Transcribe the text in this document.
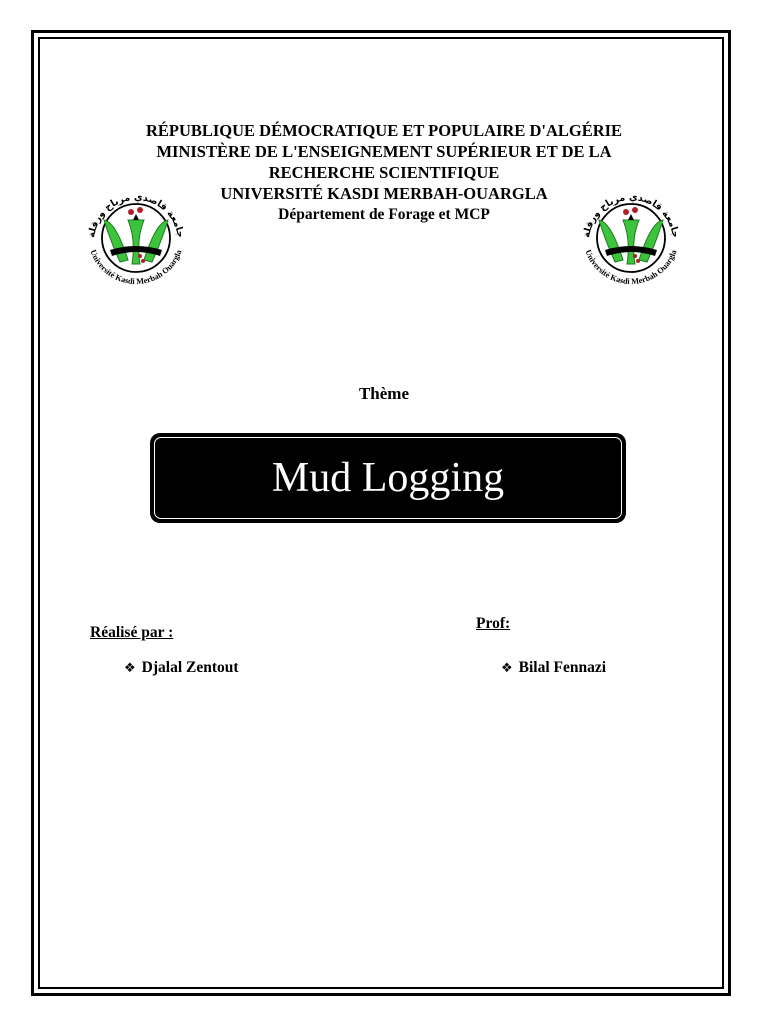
RÉPUBLIQUE DÉMOCRATIQUE ET POPULAIRE D'ALGÉRIE
MINISTÈRE DE L'ENSEIGNEMENT SUPÉRIEUR ET DE LA
RECHERCHE SCIENTIFIQUE
UNIVERSITÉ KASDI MERBAH-OUARGLA
Département de Forage et MCP
جامعة قاصدي مرباح ورقلة
Université Kasdi Merbah Ouargla
جامعة قاصدي مرباح ورقلة
Université Kasdi Merbah Ouargla
Thème
Mud Logging
Réalisé par :
Prof:
❖ Djalal Zentout	❖ Bilal Fennazi
